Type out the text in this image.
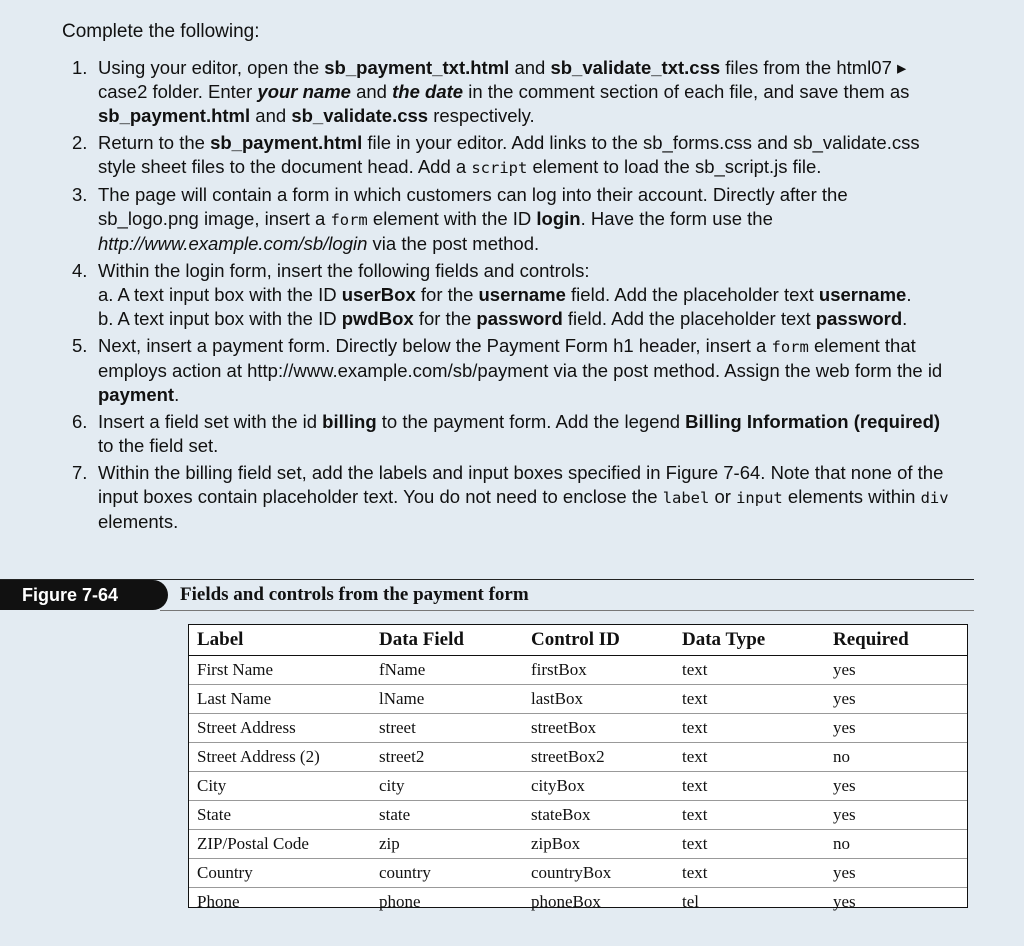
Complete the following:
1. Using your editor, open the sb_payment_txt.html and sb_validate_txt.css files from the html07 ▸ case2 folder. Enter your name and the date in the comment section of each file, and save them as sb_payment.html and sb_validate.css respectively.
2. Return to the sb_payment.html file in your editor. Add links to the sb_forms.css and sb_validate.css style sheet files to the document head. Add a script element to load the sb_script.js file.
3. The page will contain a form in which customers can log into their account. Directly after the sb_logo.png image, insert a form element with the ID login. Have the form use the http://www.example.com/sb/login via the post method.
4. Within the login form, insert the following fields and controls:
a. A text input box with the ID userBox for the username field. Add the placeholder text username.
b. A text input box with the ID pwdBox for the password field. Add the placeholder text password.
5. Next, insert a payment form. Directly below the Payment Form h1 header, insert a form element that employs action at http://www.example.com/sb/payment via the post method. Assign the web form the id payment.
6. Insert a field set with the id billing to the payment form. Add the legend Billing Information (required) to the field set.
7. Within the billing field set, add the labels and input boxes specified in Figure 7-64. Note that none of the input boxes contain placeholder text. You do not need to enclose the label or input elements within div elements.
Figure 7-64	Fields and controls from the payment form
Label	Data Field	Control ID	Data Type	Required
First Name	fName	firstBox	text	yes
Last Name	lName	lastBox	text	yes
Street Address	street	streetBox	text	yes
Street Address (2)	street2	streetBox2	text	no
City	city	cityBox	text	yes
State	state	stateBox	text	yes
ZIP/Postal Code	zip	zipBox	text	no
Country	country	countryBox	text	yes
Phone	phone	phoneBox	tel	yes
